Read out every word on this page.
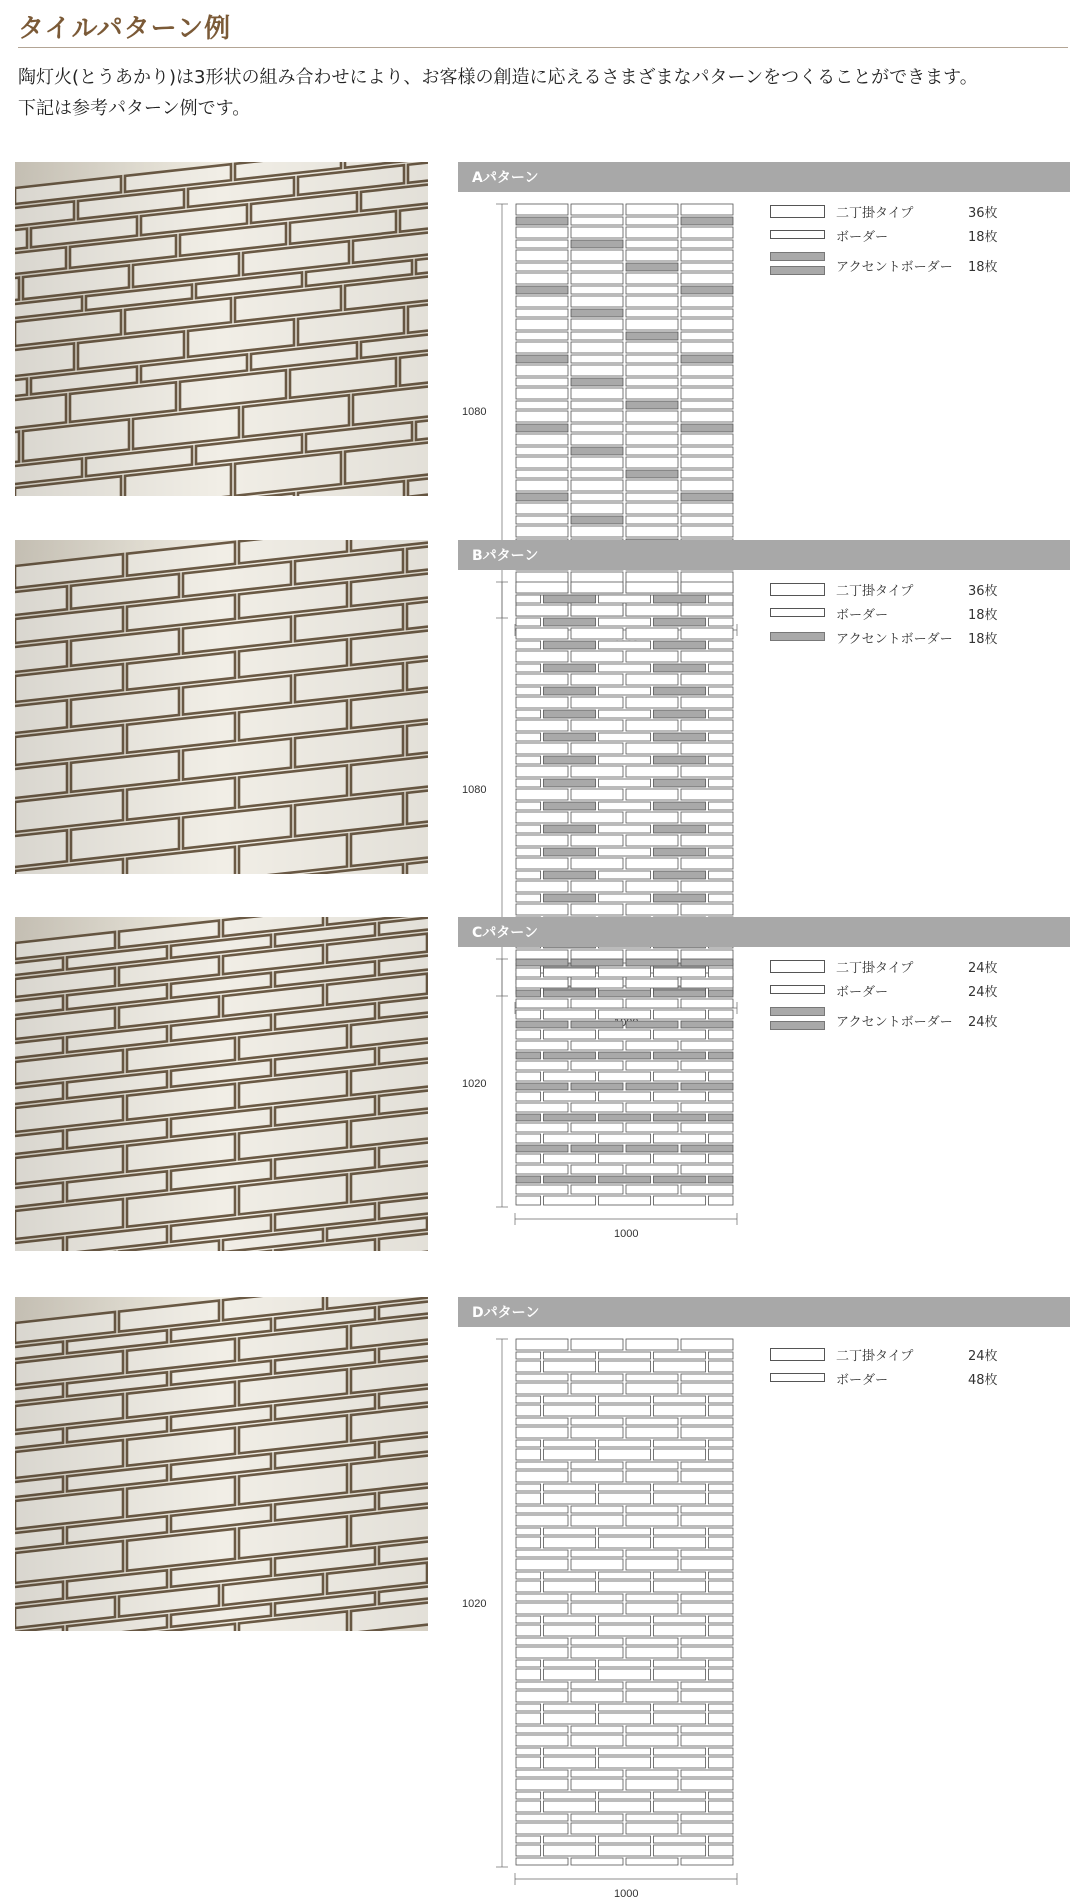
タイルパターン例
陶灯火(とうあかり)は3形状の組み合わせにより、お客様の創造に応えるさまざまなパターンをつくることができます。
下記は参考パターン例です。
Aパターン
1080
二丁掛タイプ	36枚
ボーダー	18枚
アクセントボーダー 18枚
Bパターン
1080
二丁掛タイプ	36枚
ボーダー	18枚
アクセントボーダー 18枚
Cパターン
1020
1000
二丁掛タイプ	24枚
ボーダー	24枚
アクセントボーダー 24枚
Dパターン
1020
1000
二丁掛タイプ	24枚
ボーダー	48枚
